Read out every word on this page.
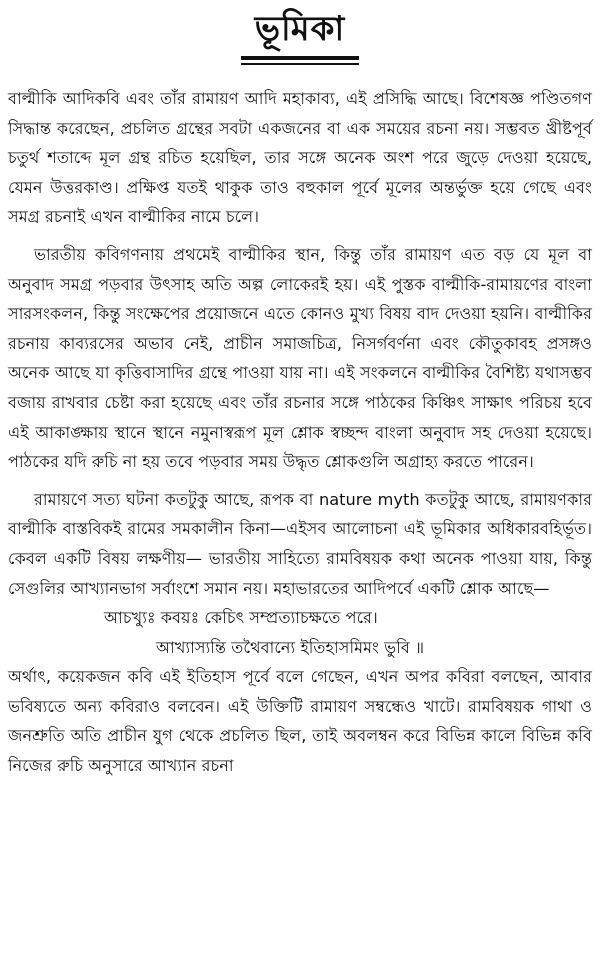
ভূমিকা

বাল্মীকি আদিকবি এবং তাঁর রামায়ণ আদি মহাকাব্য, এই প্রসিদ্ধি আছে। বিশেষজ্ঞ পণ্ডিতগণ সিদ্ধান্ত করেছেন, প্রচলিত গ্রন্থের সবটা একজনের বা এক সময়ের রচনা নয়। সম্ভবত খ্রীষ্টপূর্ব চতুর্থ শতাব্দে মূল গ্রন্থ রচিত হয়েছিল, তার সঙ্গে অনেক অংশ পরে জুড়ে দেওয়া হয়েছে, যেমন উত্তরকাণ্ড। প্রক্ষিপ্ত যতই থাকুক তাও বহুকাল পূর্বে মূলের অন্তর্ভুক্ত হয়ে গেছে এবং সমগ্র রচনাই এখন বাল্মীকির নামে চলে।

ভারতীয় কবিগণনায় প্রথমেই বাল্মীকির স্থান, কিন্তু তাঁর রামায়ণ এত বড় যে মূল বা অনুবাদ সমগ্র পড়বার উৎসাহ অতি অল্প লোকেরই হয়। এই পুস্তক বাল্মীকি-রামায়ণের বাংলা সারসংকলন, কিন্তু সংক্ষেপের প্রয়োজনে এতে কোনও মুখ্য বিষয় বাদ দেওয়া হয়নি। বাল্মীকির রচনায় কাব্যরসের অভাব নেই, প্রাচীন সমাজচিত্র, নিসর্গবর্ণনা এবং কৌতুকাবহ প্রসঙ্গও অনেক আছে যা কৃত্তিবাসাদির গ্রন্থে পাওয়া যায় না। এই সংকলনে বাল্মীকির বৈশিষ্ট্য যথাসম্ভব বজায় রাখবার চেষ্টা করা হয়েছে এবং তাঁর রচনার সঙ্গে পাঠকের কিঞ্চিৎ সাক্ষাৎ পরিচয় হবে এই আকাঙ্ক্ষায় স্থানে স্থানে নমুনাস্বরূপ মূল শ্লোক স্বচ্ছন্দ বাংলা অনুবাদ সহ দেওয়া হয়েছে। পাঠকের যদি রুচি না হয় তবে পড়বার সময় উদ্ধৃত শ্লোকগুলি অগ্রাহ্য করতে পারেন।

রামায়ণে সত্য ঘটনা কতটুকু আছে, রূপক বা nature myth কতটুকু আছে, রামায়ণকার বাল্মীকি বাস্তবিকই রামের সমকালীন কিনা—এইসব আলোচনা এই ভূমিকার অধিকারবহির্ভূত। কেবল একটি বিষয় লক্ষণীয়— ভারতীয় সাহিত্যে রামবিষয়ক কথা অনেক পাওয়া যায়, কিন্তু সেগুলির আখ্যানভাগ সর্বাংশে সমান নয়। মহাভারতের আদিপর্বে একটি শ্লোক আছে—

আচখ্যুঃ কবয়ঃ কেচিৎ সম্প্রত্যাচক্ষতে পরে।

আখ্যাস্যন্তি তথৈবান্যে ইতিহাসমিমং ভুবি ॥

অর্থাৎ, কয়েকজন কবি এই ইতিহাস পূর্বে বলে গেছেন, এখন অপর কবিরা বলছেন, আবার ভবিষ্যতে অন্য কবিরাও বলবেন। এই উক্তিটি রামায়ণ সম্বন্ধেও খাটে। রামবিষয়ক গাথা ও জনশ্রুতি অতি প্রাচীন যুগ থেকে প্রচলিত ছিল, তাই অবলম্বন করে বিভিন্ন কালে বিভিন্ন কবি নিজের রুচি অনুসারে আখ্যান রচনা
